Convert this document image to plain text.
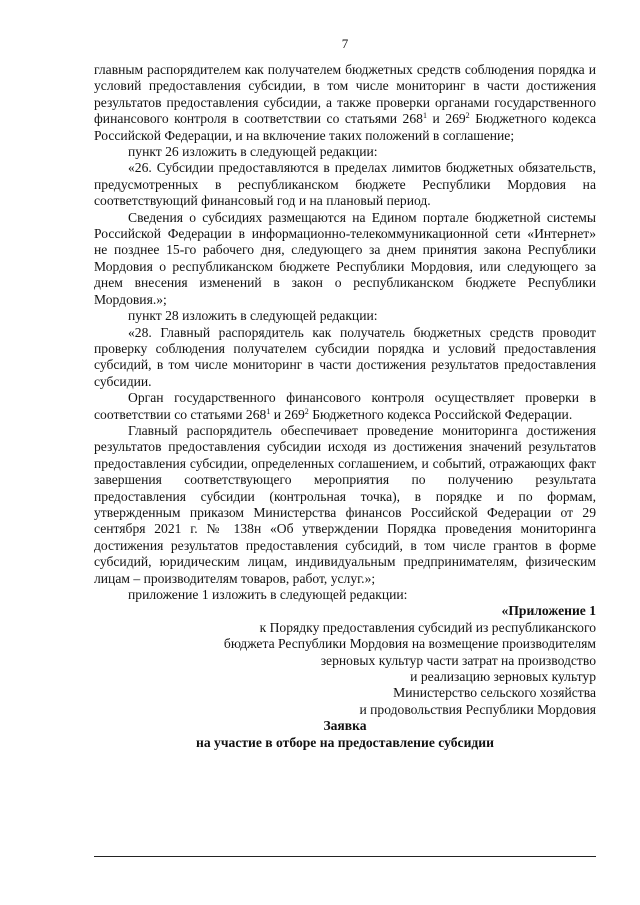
7

главным распорядителем как получателем бюджетных средств соблюдения порядка и условий предоставления субсидии, в том числе мониторинг в части достижения результатов предоставления субсидии, а также проверки органами государственного финансового контроля в соответствии со статьями $268^1$ и $269^2$ Бюджетного кодекса Российской Федерации, и на включение таких положений в соглашение;

пункт 26 изложить в следующей редакции:

«26. Субсидии предоставляются в пределах лимитов бюджетных обязательств, предусмотренных в республиканском бюджете Республики Мордовия на соответствующий финансовый год и на плановый период.

Сведения о субсидиях размещаются на Едином портале бюджетной системы Российской Федерации в информационно-телекоммуникационной сети «Интернет» не позднее 15-го рабочего дня, следующего за днем принятия закона Республики Мордовия о республиканском бюджете Республики Мордовия, или следующего за днем внесения изменений в закон о республиканском бюджете Республики Мордовия.»;

пункт 28 изложить в следующей редакции:

«28. Главный распорядитель как получатель бюджетных средств проводит проверку соблюдения получателем субсидии порядка и условий предоставления субсидий, в том числе мониторинг в части достижения результатов предоставления субсидии.

Орган государственного финансового контроля осуществляет проверки в соответствии со статьями $268^1$ и $269^2$ Бюджетного кодекса Российской Федерации.

Главный распорядитель обеспечивает проведение мониторинга достижения результатов предоставления субсидии исходя из достижения значений результатов предоставления субсидии, определенных соглашением, и событий, отражающих факт завершения соответствующего мероприятия по получению результата предоставления субсидии (контрольная точка), в порядке и по формам, утвержденным приказом Министерства финансов Российской Федерации от 29 сентября 2021 г. № 138н «Об утверждении Порядка проведения мониторинга достижения результатов предоставления субсидий, в том числе грантов в форме субсидий, юридическим лицам, индивидуальным предпринимателям, физическим лицам – производителям товаров, работ, услуг.»;

приложение 1 изложить в следующей редакции:

«Приложение 1
к Порядку предоставления субсидий из республиканского
бюджета Республики Мордовия на возмещение производителям
зерновых культур части затрат на производство
и реализацию зерновых культур
Министерство сельского хозяйства
и продовольствия Республики Мордовия
Заявка
на участие в отборе на предоставление субсидии
